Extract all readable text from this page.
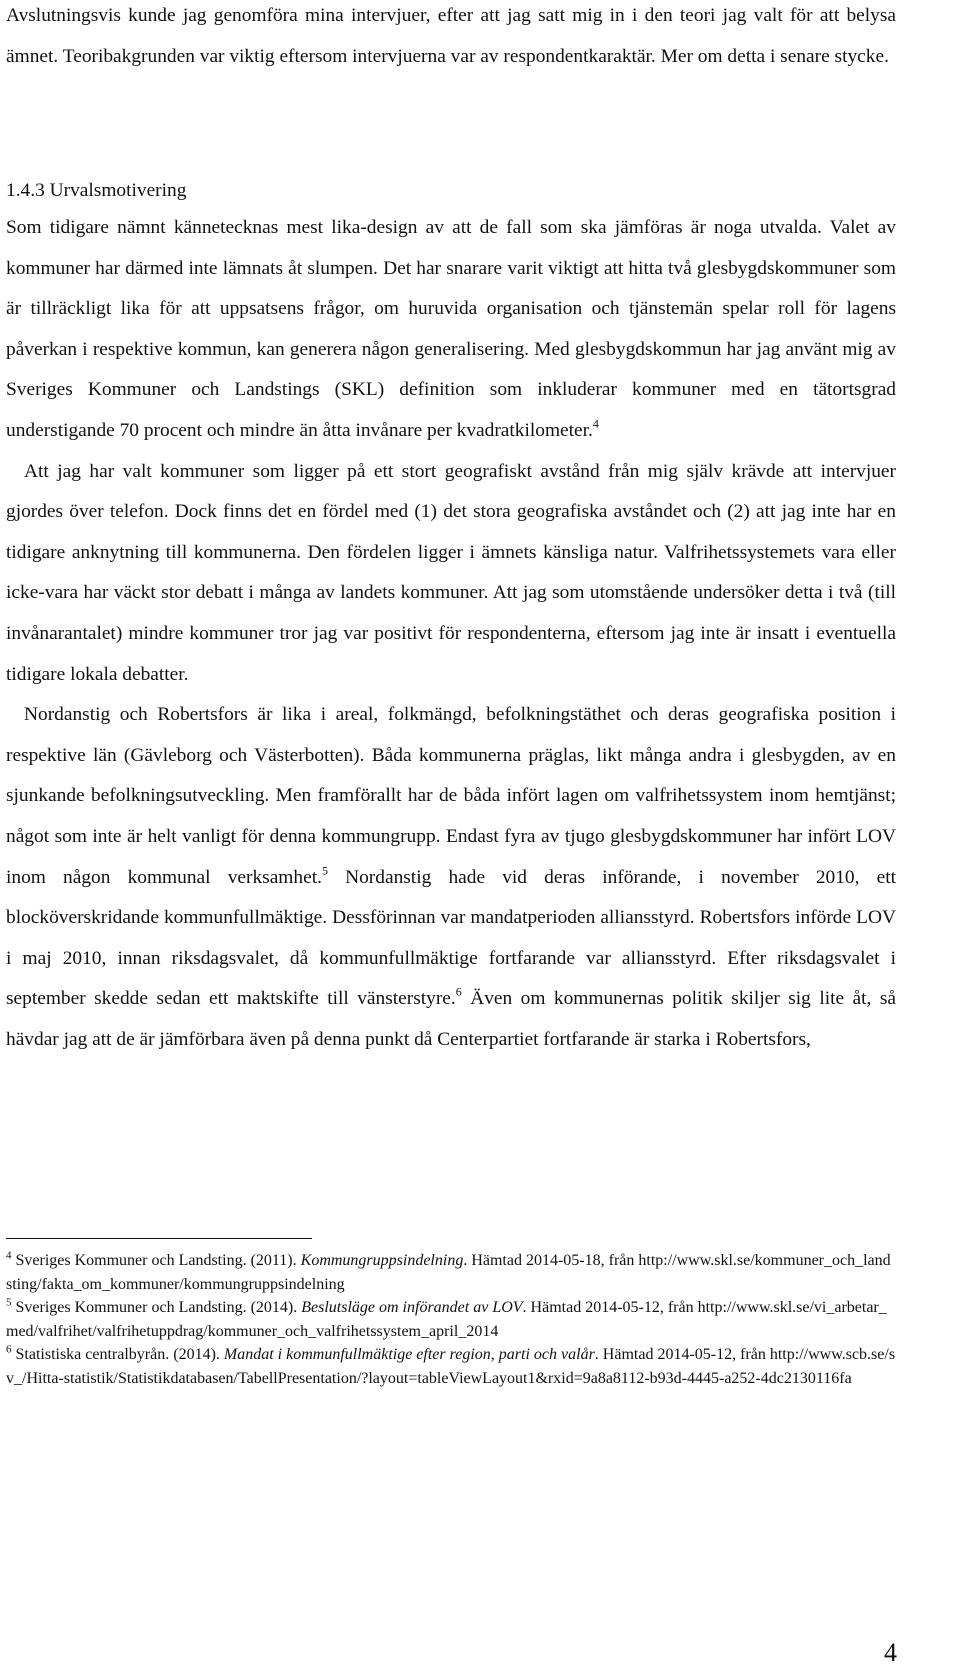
Avslutningsvis kunde jag genomföra mina intervjuer, efter att jag satt mig in i den teori jag valt för att belysa ämnet. Teoribakgrunden var viktig eftersom intervjuerna var av respondentkaraktär. Mer om detta i senare stycke.

1.4.3 Urvalsmotivering

Som tidigare nämnt kännetecknas mest lika-design av att de fall som ska jämföras är noga utvalda. Valet av kommuner har därmed inte lämnats åt slumpen. Det har snarare varit viktigt att hitta två glesbygdskommuner som är tillräckligt lika för att uppsatsens frågor, om huruvida organisation och tjänstemän spelar roll för lagens påverkan i respektive kommun, kan generera någon generalisering. Med glesbygdskommun har jag använt mig av Sveriges Kommuner och Landstings (SKL) definition som inkluderar kommuner med en tätortsgrad understigande 70 procent och mindre än åtta invånare per kvadratkilometer.$^4$

Att jag har valt kommuner som ligger på ett stort geografiskt avstånd från mig själv krävde att intervjuer gjordes över telefon. Dock finns det en fördel med (1) det stora geografiska avståndet och (2) att jag inte har en tidigare anknytning till kommunerna. Den fördelen ligger i ämnets känsliga natur. Valfrihetssystemets vara eller icke-vara har väckt stor debatt i många av landets kommuner. Att jag som utomstående undersöker detta i två (till invånarantalet) mindre kommuner tror jag var positivt för respondenterna, eftersom jag inte är insatt i eventuella tidigare lokala debatter.

Nordanstig och Robertsfors är lika i areal, folkmängd, befolkningstäthet och deras geografiska position i respektive län (Gävleborg och Västerbotten). Båda kommunerna präglas, likt många andra i glesbygden, av en sjunkande befolkningsutveckling. Men framförallt har de båda infört lagen om valfrihetssystem inom hemtjänst; något som inte är helt vanligt för denna kommungrupp. Endast fyra av tjugo glesbygdskommuner har infört LOV inom någon kommunal verksamhet.$^5$ Nordanstig hade vid deras införande, i november 2010, ett blocköverskridande kommunfullmäktige. Dessförinnan var mandatperioden alliansstyrd. Robertsfors införde LOV i maj 2010, innan riksdagsvalet, då kommunfullmäktige fortfarande var alliansstyrd. Efter riksdagsvalet i september skedde sedan ett maktskifte till vänsterstyre.$^6$ Även om kommunernas politik skiljer sig lite åt, så hävdar jag att de är jämförbara även på denna punkt då Centerpartiet fortfarande är starka i Robertsfors,

$^4$ Sveriges Kommuner och Landsting. (2011). Kommungruppsindelning. Hämtad 2014-05-18, från http://www.skl.se/kommuner_och_landsting/fakta_om_kommuner/kommungruppsindelning

$^5$ Sveriges Kommuner och Landsting. (2014). Beslutsläge om införandet av LOV. Hämtad 2014-05-12, från http://www.skl.se/vi_arbetar_med/valfrihet/valfrihetuppdrag/kommuner_och_valfrihetssystem_april_2014

$^6$ Statistiska centralbyrån. (2014). Mandat i kommunfullmäktige efter region, parti och valår. Hämtad 2014-05-12, från http://www.scb.se/sv_/Hitta-statistik/Statistikdatabasen/TabellPresentation/?layout=tableViewLayout1&rxid=9a8a8112-b93d-4445-a252-4dc2130116fa

4
